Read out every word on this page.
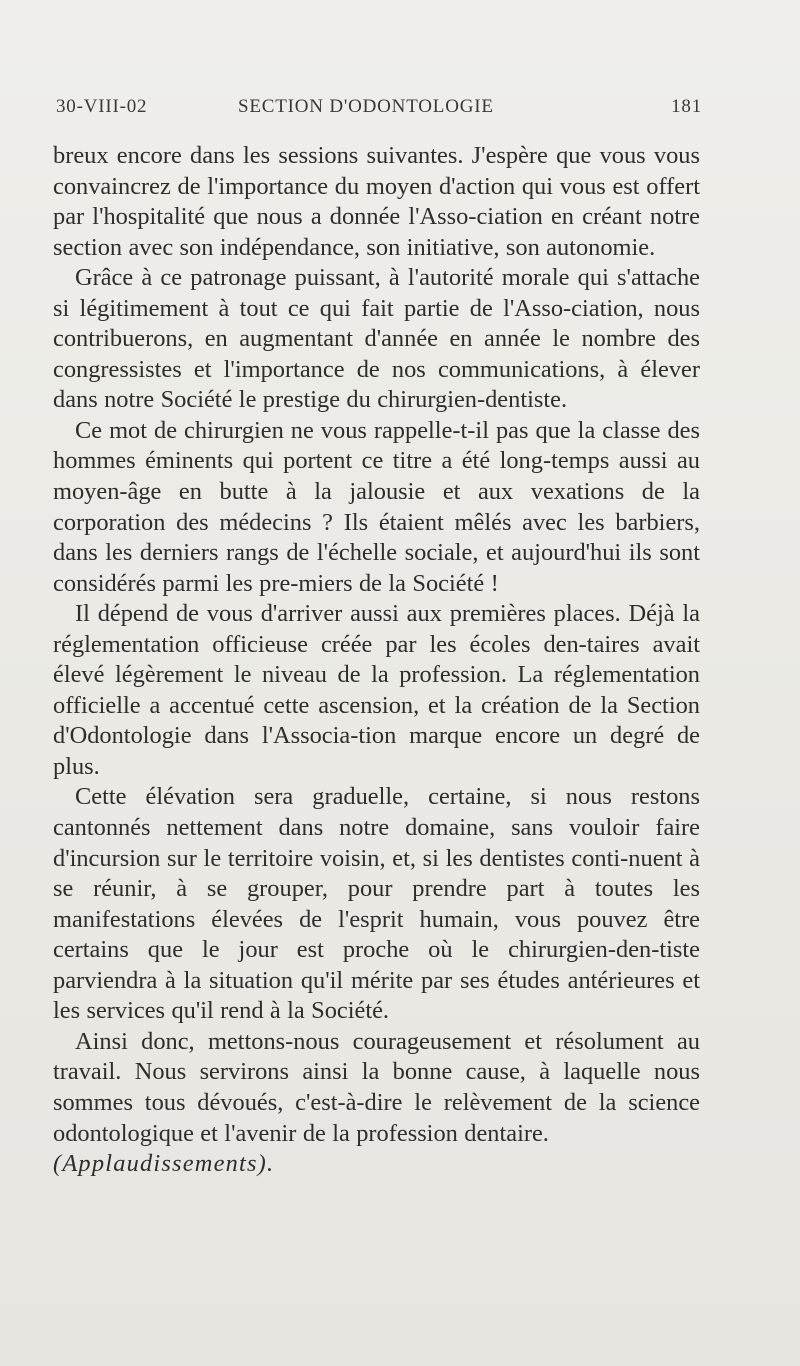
30-VIII-02	SECTION D'ODONTOLOGIE	181

breux encore dans les sessions suivantes. J'espère que vous vous convaincrez de l'importance du moyen d'action qui vous est offert par l'hospitalité que nous a donnée l'Asso-ciation en créant notre section avec son indépendance, son initiative, son autonomie.

Grâce à ce patronage puissant, à l'autorité morale qui s'attache si légitimement à tout ce qui fait partie de l'Asso-ciation, nous contribuerons, en augmentant d'année en année le nombre des congressistes et l'importance de nos communications, à élever dans notre Société le prestige du chirurgien-dentiste.

Ce mot de chirurgien ne vous rappelle-t-il pas que la classe des hommes éminents qui portent ce titre a été long-temps aussi au moyen-âge en butte à la jalousie et aux vexations de la corporation des médecins ? Ils étaient mêlés avec les barbiers, dans les derniers rangs de l'échelle sociale, et aujourd'hui ils sont considérés parmi les pre-miers de la Société !

Il dépend de vous d'arriver aussi aux premières places. Déjà la réglementation officieuse créée par les écoles den-taires avait élevé légèrement le niveau de la profession. La réglementation officielle a accentué cette ascension, et la création de la Section d'Odontologie dans l'Associa-tion marque encore un degré de plus.

Cette élévation sera graduelle, certaine, si nous restons cantonnés nettement dans notre domaine, sans vouloir faire d'incursion sur le territoire voisin, et, si les dentistes conti-nuent à se réunir, à se grouper, pour prendre part à toutes les manifestations élevées de l'esprit humain, vous pouvez être certains que le jour est proche où le chirurgien-den-tiste parviendra à la situation qu'il mérite par ses études antérieures et les services qu'il rend à la Société.

Ainsi donc, mettons-nous courageusement et résolument au travail. Nous servirons ainsi la bonne cause, à laquelle nous sommes tous dévoués, c'est-à-dire le relèvement de la science odontologique et l'avenir de la profession dentaire.

(Applaudissements).
